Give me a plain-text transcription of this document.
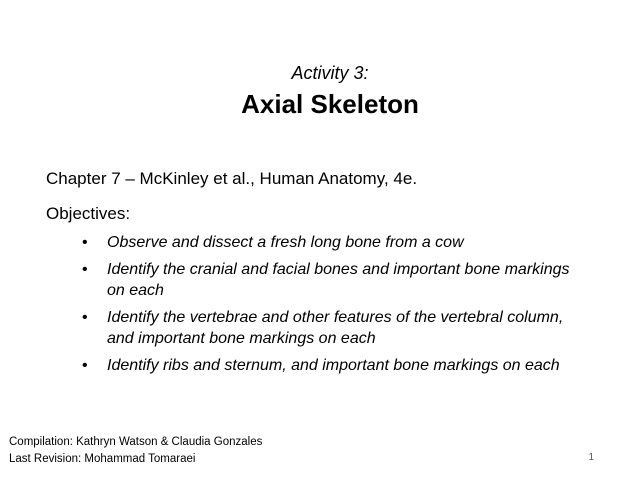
Activity 3:
Axial Skeleton
Chapter 7 – McKinley et al., Human Anatomy, 4e.
Objectives:
• Observe and dissect a fresh long bone from a cow
• Identify the cranial and facial bones and important bone markings on each
• Identify the vertebrae and other features of the vertebral column, and important bone markings on each
• Identify ribs and sternum, and important bone markings on each
Compilation: Kathryn Watson & Claudia Gonzales
Last Revision: Mohammad Tomaraei	1
